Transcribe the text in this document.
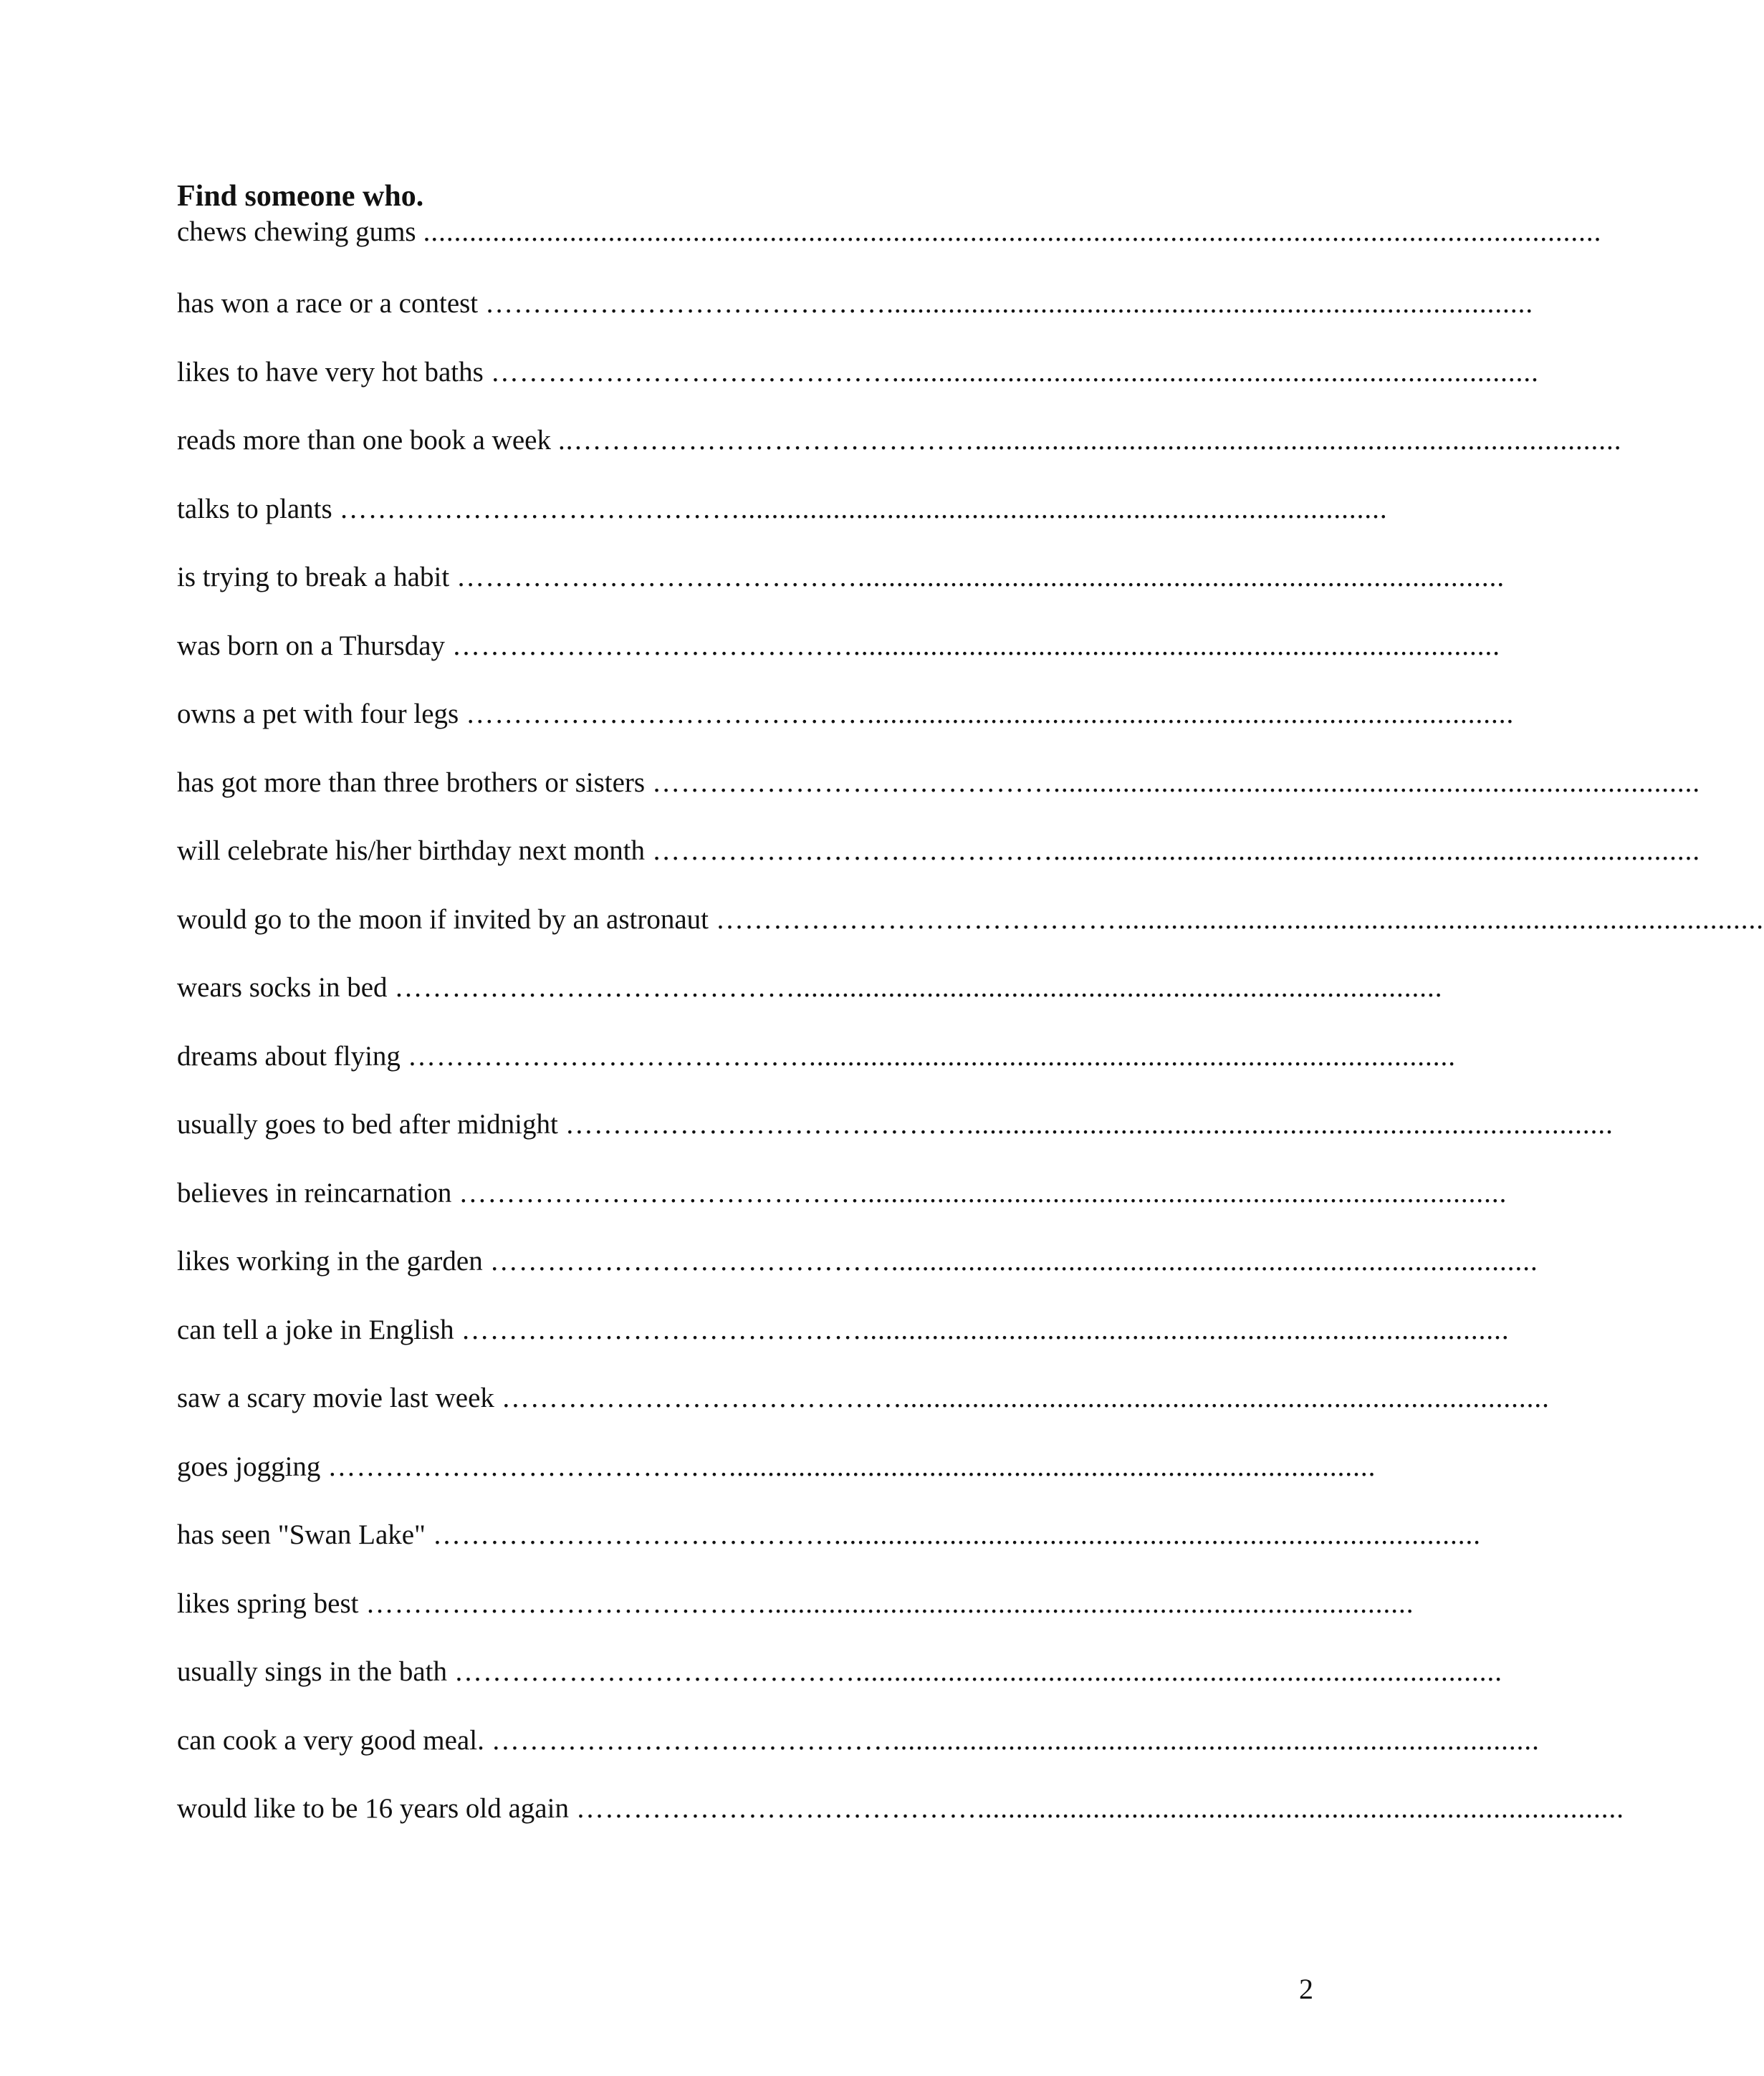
Find someone who.
chews chewing gums .........................................................................................................................................................
has won a race or a contest ……………………………………....................................................................................
likes to have very hot baths ……………………………………....................................................................................
reads more than one book a week ..……………………………………....................................................................................
talks to plants ……………………………………....................................................................................
is trying to break a habit ……………………………………....................................................................................
was born on a Thursday ……………………………………....................................................................................
owns a pet with four legs ……………………………………....................................................................................
has got more than three brothers or sisters ……………………………………....................................................................................
will celebrate his/her birthday next month ……………………………………....................................................................................
would go to the moon if invited by an astronaut ……………………………………....................................................................................
wears socks in bed ……………………………………....................................................................................
dreams about flying ……………………………………....................................................................................
usually goes to bed after midnight ……………………………………....................................................................................
believes in reincarnation ……………………………………....................................................................................
likes working in the garden ……………………………………....................................................................................
can tell a joke in English ……………………………………....................................................................................
saw a scary movie last week ……………………………………....................................................................................
goes jogging ……………………………………....................................................................................
has seen "Swan Lake" ……………………………………....................................................................................
likes spring best ……………………………………....................................................................................
usually sings in the bath ……………………………………....................................................................................
can cook a very good meal. ……………………………………....................................................................................
would like to be 16 years old again ……………………………………....................................................................................
2
